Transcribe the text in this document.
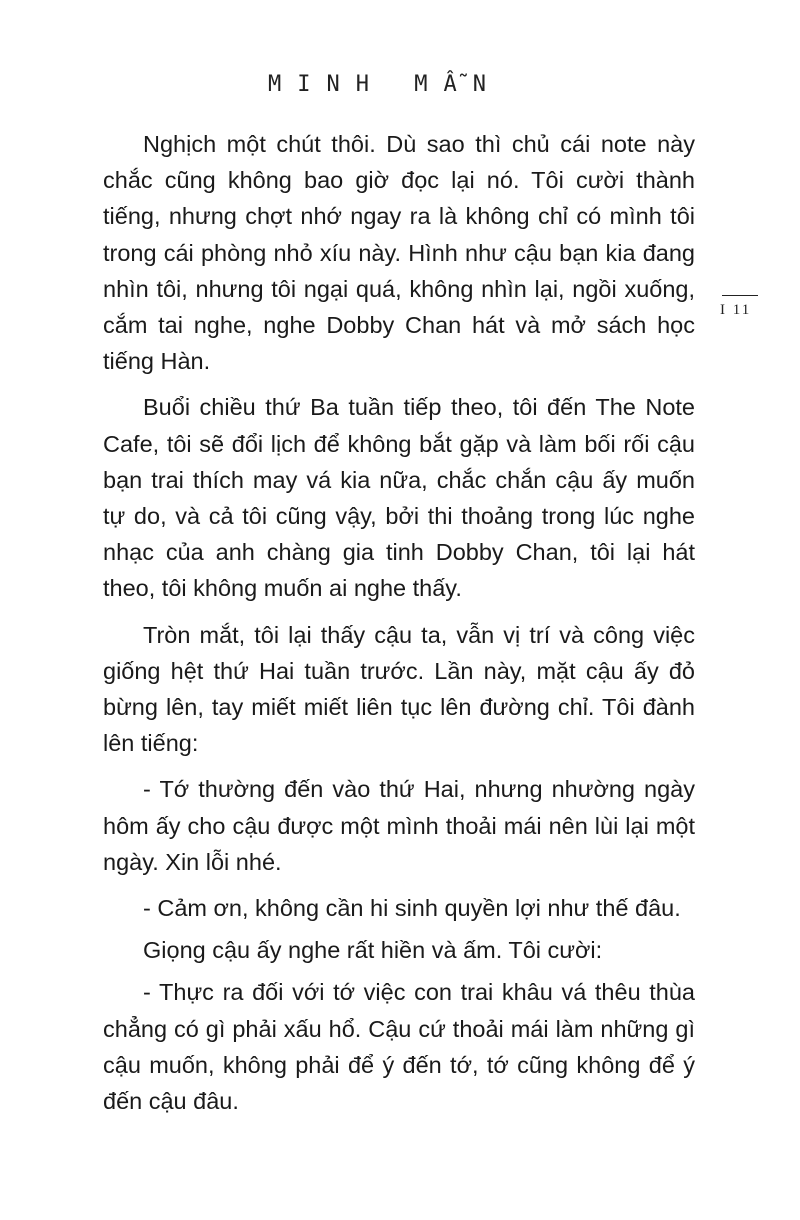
MINH MẪN
I 11

Nghịch một chút thôi. Dù sao thì chủ cái note này chắc cũng không bao giờ đọc lại nó. Tôi cười thành tiếng, nhưng chợt nhớ ngay ra là không chỉ có mình tôi trong cái phòng nhỏ xíu này. Hình như cậu bạn kia đang nhìn tôi, nhưng tôi ngại quá, không nhìn lại, ngồi xuống, cắm tai nghe, nghe Dobby Chan hát và mở sách học tiếng Hàn.

Buổi chiều thứ Ba tuần tiếp theo, tôi đến The Note Cafe, tôi sẽ đổi lịch để không bắt gặp và làm bối rối cậu bạn trai thích may vá kia nữa, chắc chắn cậu ấy muốn tự do, và cả tôi cũng vậy, bởi thi thoảng trong lúc nghe nhạc của anh chàng gia tinh Dobby Chan, tôi lại hát theo, tôi không muốn ai nghe thấy.

Tròn mắt, tôi lại thấy cậu ta, vẫn vị trí và công việc giống hệt thứ Hai tuần trước. Lần này, mặt cậu ấy đỏ bừng lên, tay miết miết liên tục lên đường chỉ. Tôi đành lên tiếng:

- Tớ thường đến vào thứ Hai, nhưng nhường ngày hôm ấy cho cậu được một mình thoải mái nên lùi lại một ngày. Xin lỗi nhé.

- Cảm ơn, không cần hi sinh quyền lợi như thế đâu.

Giọng cậu ấy nghe rất hiền và ấm. Tôi cười:

- Thực ra đối với tớ việc con trai khâu vá thêu thùa chẳng có gì phải xấu hổ. Cậu cứ thoải mái làm những gì cậu muốn, không phải để ý đến tớ, tớ cũng không để ý đến cậu đâu.
